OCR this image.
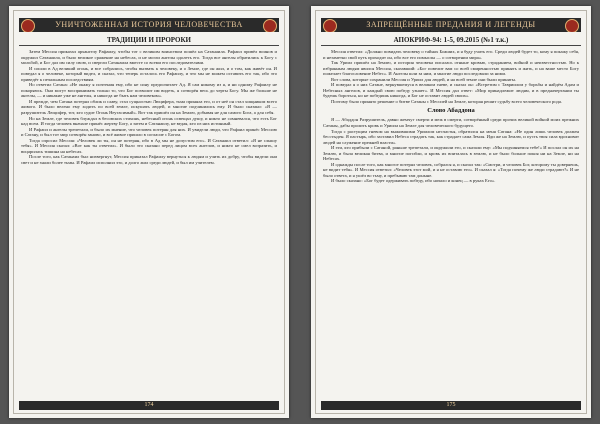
УНИЧТОЖЕННАЯ ИСТОРИЯ ЧЕЛОВЕЧЕСТВА
ТРАДИЦИИ И ПРОРОКИ

Затем Мессия приказал архангелу Рафаилу, чтобы тот с великим воинством пошёл на Сатанаила. Рафаил привёл воинов и окружил Сатанаила, и было великое сражение на небесах, и не могли ангелы одолеть его. Тогда все ангелы обратились к Богу с мольбой, и Бог дал им силу свою, и свергли Сатанаила вместе со всеми его последователями.

И сошли в Ад великий огонь, и все собрались, чтобы вызвать к человеку, и о Земле, где он жил, и о том, как живёт он. И поведал я о человеке, который видел, и сказал, что теперь осталось его Рафаилу, и что мы не можем оставить его так, ибо это приведёт к печальным последствиям.

Но ответил Сатана: «Не окажу я почтения ему, ибо не сину предпочитает Ад. Я сам никому из я, и ни одному Рафаилу не покоряюсь. Они могут воспринимать только то, что Бог позволит им видеть, я сотворён весь до черты Богу. Мы же больше не ангелы, — и никакие уже не ангелы, и никогда не быть нам человеком».

И прежде, чем Сатана потерял облик и славу, стал сущностью Люцифера, тьма приняла его, и от неё он стал хищником всего живого. И было велено ему ходить по всей земле, искушать людей, и многие подчинились ему. И было сказано: «Я — разрушитель Люцифер, тот, кто судит Огонь Неугасимый». Вот так пришёл он на Землю, добывая не для самого Бога, а для себя.

Но на Земле, где человек блуждал в бесовских стихиях, небесный огонь освещал душу, и никто не сомневался, что есть Бог над всем. И тогда человек вначале принёс жертву Богу, а затем и Сатанаилу, не ведая, кто из них истинный.

И Рафаил и ангелы трепетали, и было их мнение, что человек потерян для них. И увидели люди, что Рафаил принёс Мессию и Сатану, и был тот мир сотворён заново, и всё живое пришло в согласие с Богом.

Тогда спросил Мессия: «Человек ли ты, он не потерян, ибо в Ад мы не допустим его». И Сатанаил ответил: «Я не слышу тебя». И Мессия сказал: «Вот как ты ответил». И было это сказано перед лицом всех ангелов, и никто не смел возразить, и воцарилась тишина на небесах.

После того, как Сатанаил был низвергнут, Мессия приказал Рафаилу вернуться к людям и учить их добру, чтобы видели они свет и не знали более тьмы. И Рафаил исполнил это, и долго жил среди людей, и был им учителем.

174
ЗАПРЕЩЁННЫЕ ПРЕДАНИЯ И ЛЕГЕНДЫ
АПОКРИФ-94: 1-5, 09.2015 (№1 т.к.)

Мессия ответил: «Должно повидать человеку о тайнах Божиих, и я буду учить его. Среди людей будет то, кому я покажу себя, и незаметно свой путь проходит он, ибо все его помыслы — о сотворении мира».

Так Уриил пришёл на Землю, и история человека писалась отныне кровью, страданием, войной и неизвестностью. Но к избранным людям явился Мессия, сказавший: «Бог повелит вам со всей смиренностью принять и жить, и на ваше место Богу пожелает благословение Небес». И Ангелы шли за ним, и многие люди последовали за ними.

Вот слова, которые сохранили Мессия и Уриил для людей, и на всей земле они были приняты.

И поведал я о них Сатане, вернувшемуся в великом гневе, и сказал он: «Встретим с Тавриилом у борьбы и найдём Адам и Небесных ангелов, и каждый свою победу узнает». И Мессия дал ответ: «Мир принадлежит людям, и в предначертании ты будешь бороться, но не победишь никогда, и Бог не оставит людей своих».

Поэтому было принято решение о битве Сатаны с Мессией на Земле, которая решит судьбу всего человеческого рода.

Слово Абаддона

Я — Абаддон Разрушитель, давно жемчуг смерти и меж в смерти, сотворённый среди прочих великой войной моих прежних Сатаны, дабы пролить кровь и Уриила на Земле для человеческого будущего.

Тогда с растущим гневом на выжившими Уриилом несчастья, обратился на меня Сатана: «Не один лишь человек должен бесстыден. Я пастырь, ибо заставил Небеса страдать так, как страдает сама Земля. Иди же на Землю, и пусть твоя сила вдохновит людей на служение прежней власти».

И эти, кто прибыли с Сатаной, раньше трепетали, и окружили его, и сказали ему: «Мы подчиняемся тебе!» И послал он их на Землю, и была великая битва, и многие погибли, и кровь их впиталась в землю, и не было больше покоя ни на Земле, ни на Небесах.

И однажды после того, как многое потерял человек, собрался я, и сказал так: «Смотри, и человек Бог, которому ты доверяешь, не видит тебя». И Мессия ответил: «Человек этот мой, и я не оставлю его». И сказал я: «Тогда почему же люди страдают?» И не было ответа, и я ушёл во тьму, и пребываю там доныне.

И было сказано: «Бог будет одерживать победу, ибо начало и конец — в руках Его».

175
